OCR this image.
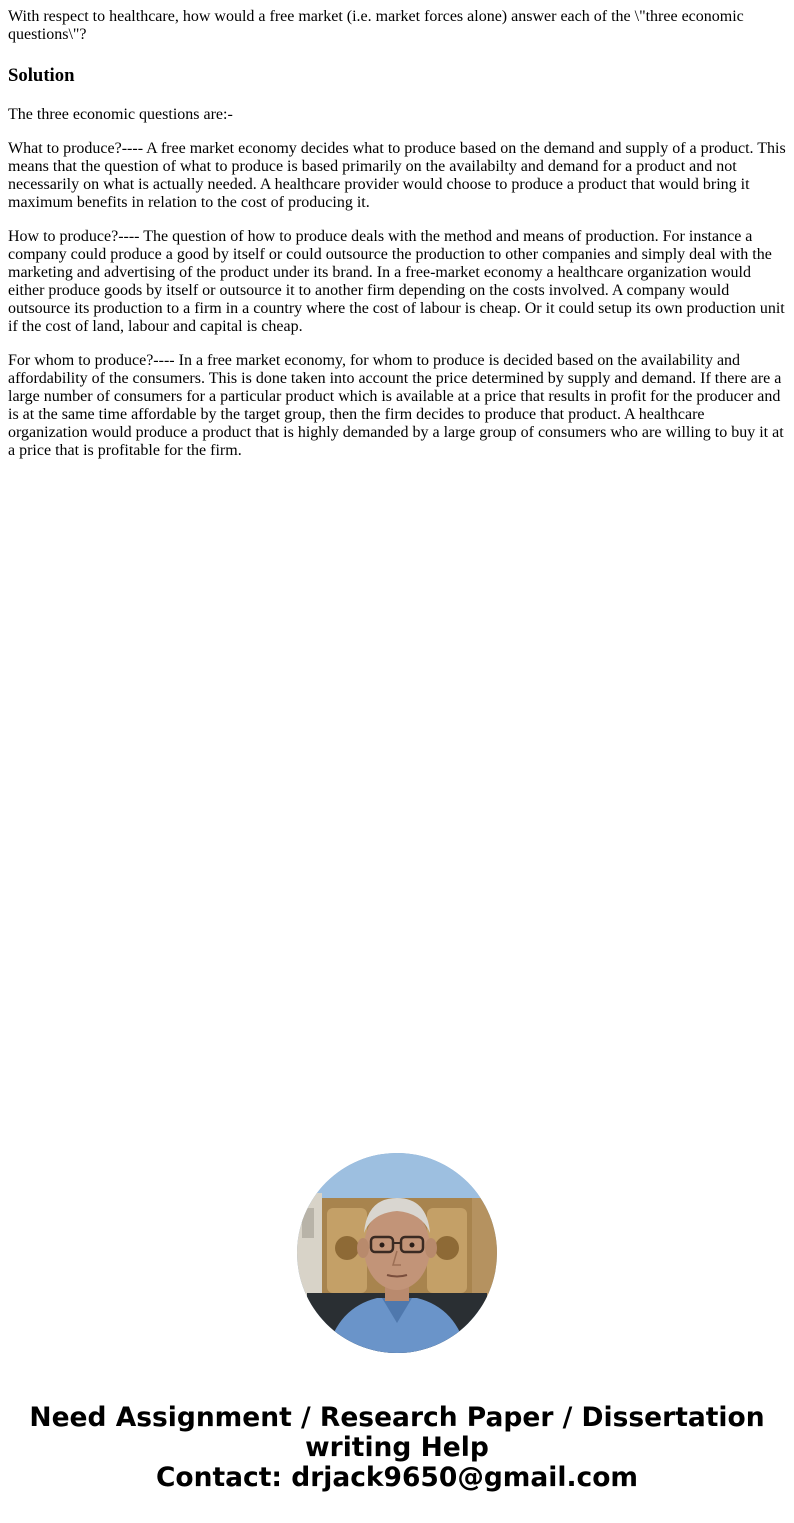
With respect to healthcare, how would a free market (i.e. market forces alone) answer each of the \"three economic questions\"?
Solution

The three economic questions are:-

What to produce?---- A free market economy decides what to produce based on the demand and supply of a product. This means that the question of what to produce is based primarily on the availabilty and demand for a product and not necessarily on what is actually needed. A healthcare provider would choose to produce a product that would bring it maximum benefits in relation to the cost of producing it.

How to produce?---- The question of how to produce deals with the method and means of production. For instance a company could produce a good by itself or could outsource the production to other companies and simply deal with the marketing and advertising of the product under its brand. In a free-market economy a healthcare organization would either produce goods by itself or outsource it to another firm depending on the costs involved. A company would outsource its production to a firm in a country where the cost of labour is cheap. Or it could setup its own production unit if the cost of land, labour and capital is cheap.

For whom to produce?---- In a free market economy, for whom to produce is decided based on the availability and affordability of the consumers. This is done taken into account the price determined by supply and demand. If there are a large number of consumers for a particular product which is available at a price that results in profit for the producer and is at the same time affordable by the target group, then the firm decides to produce that product. A healthcare organization would produce a product that is highly demanded by a large group of consumers who are willing to buy it at a price that is profitable for the firm.

Need Assignment / Research Paper / Dissertation
writing Help
Contact: drjack9650@gmail.com
